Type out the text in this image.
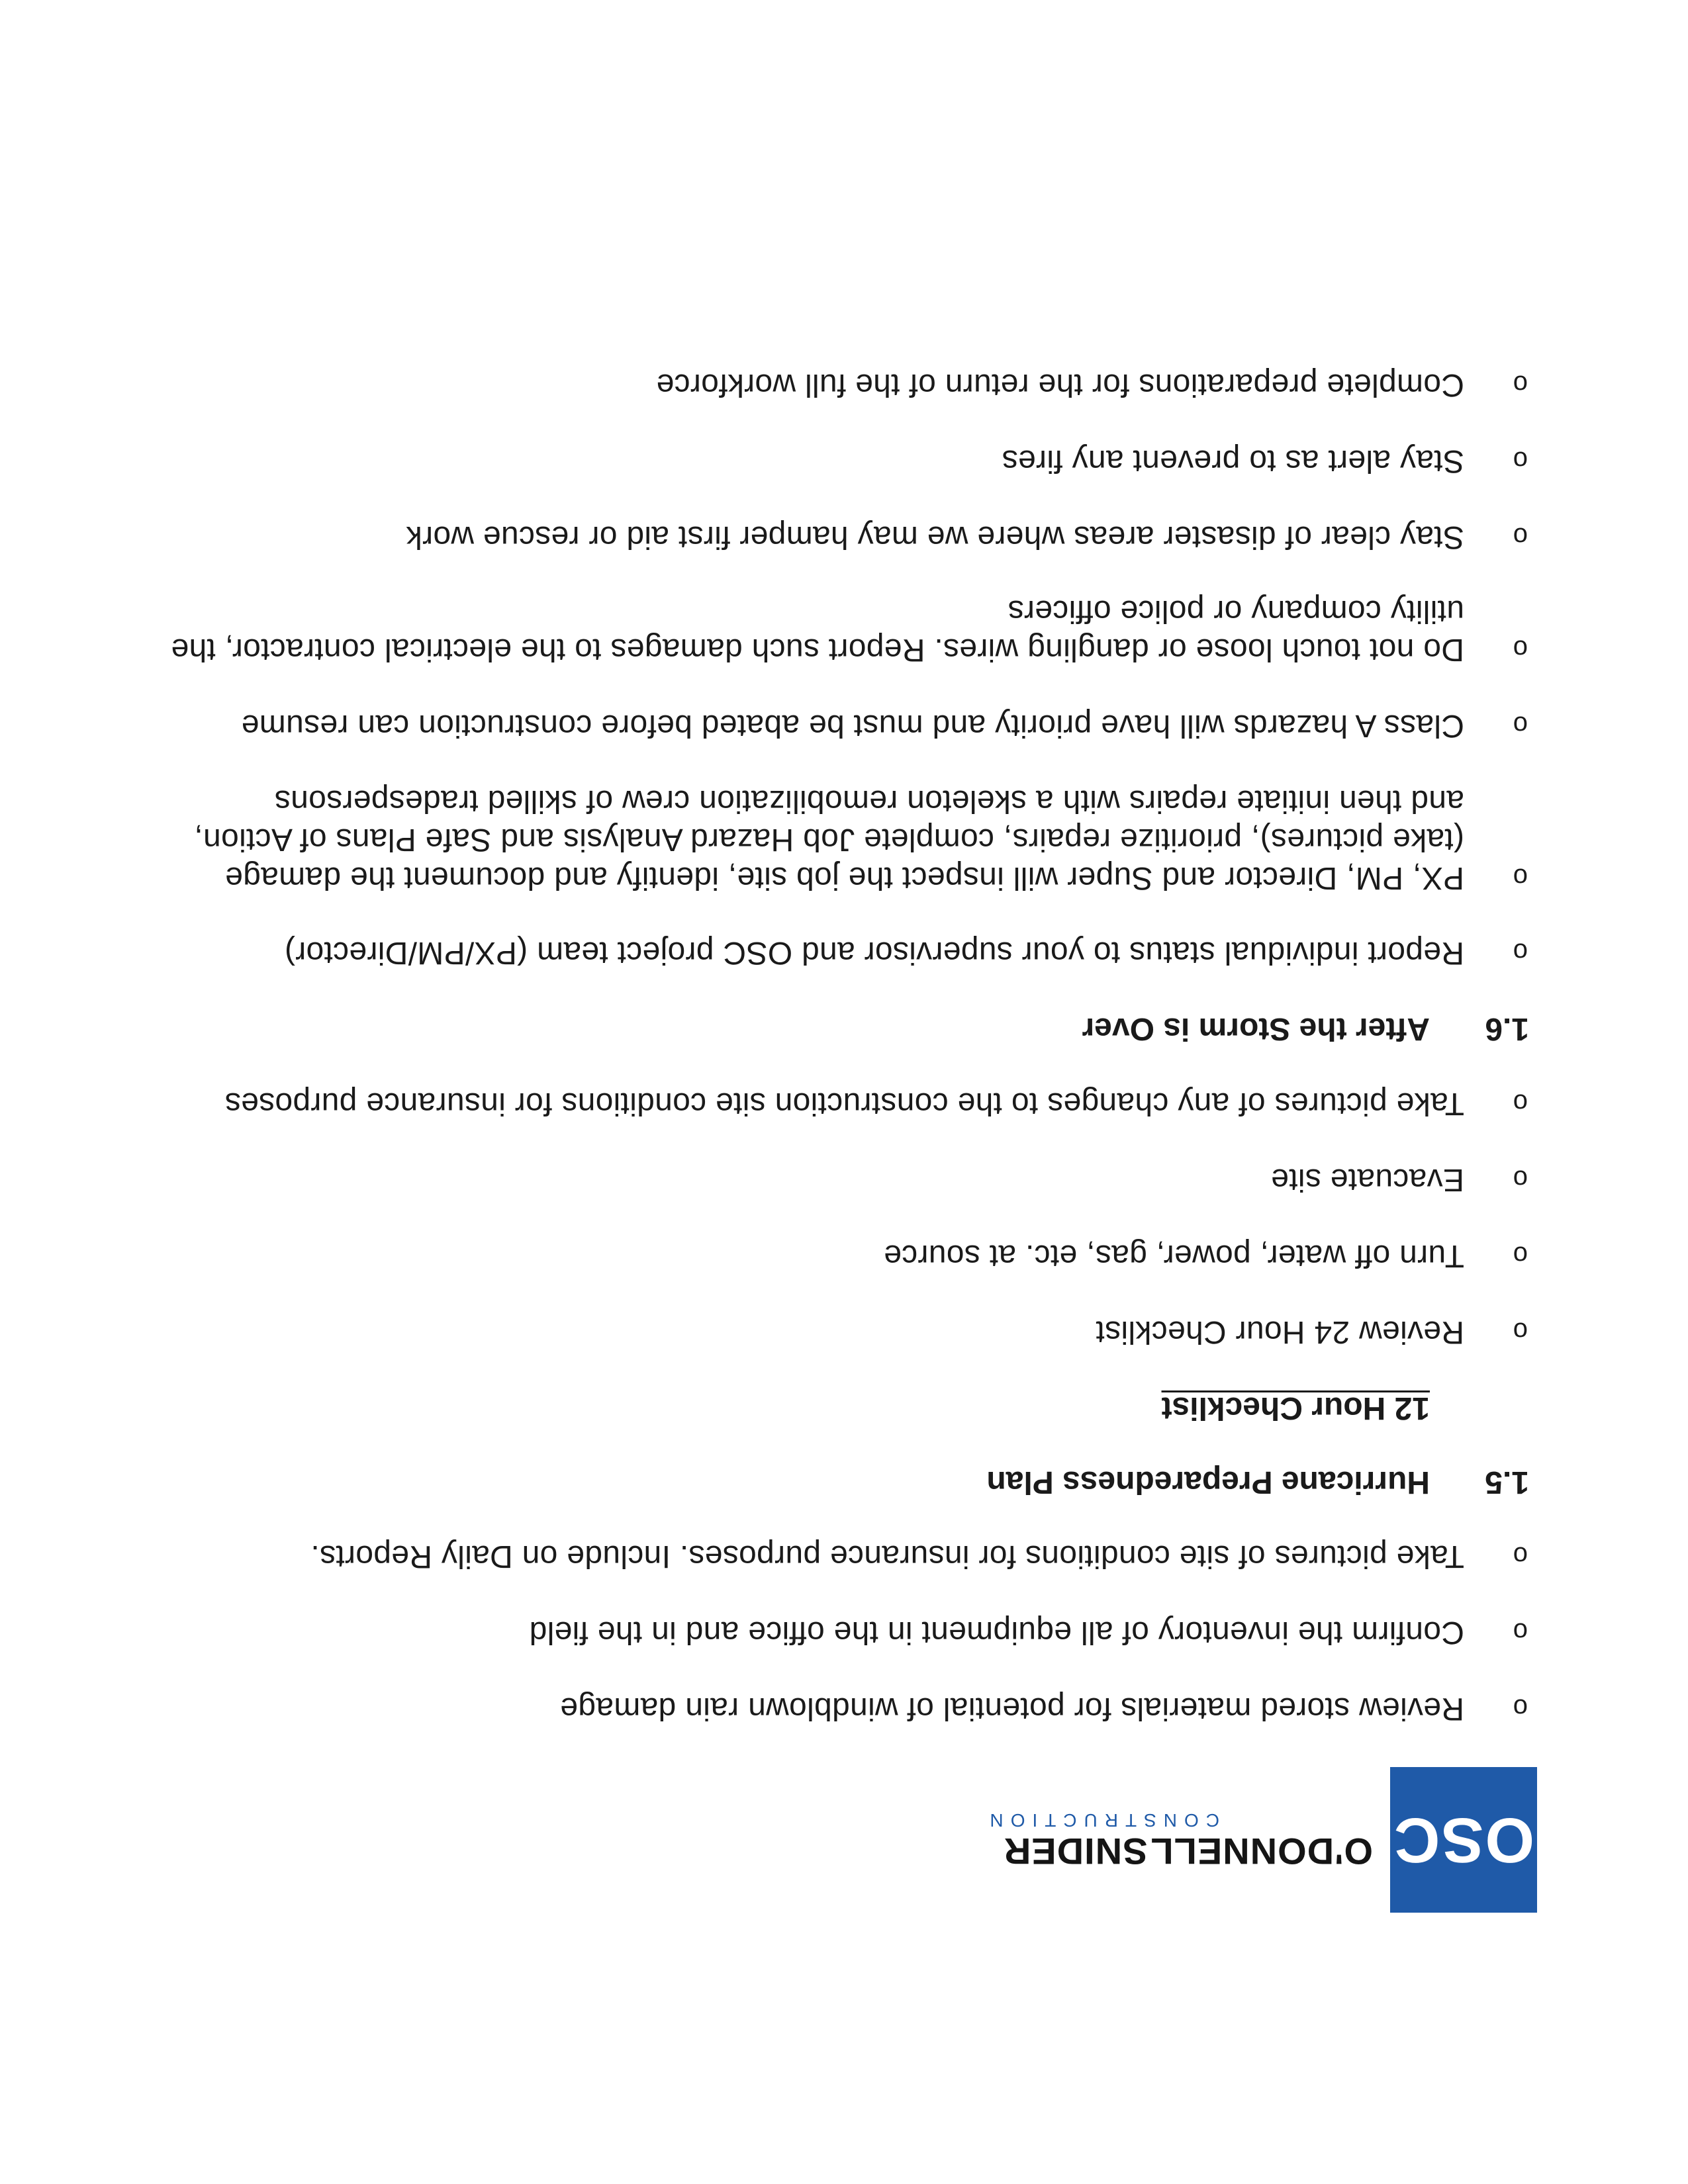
OSC
O'DONNELLSNIDER
CONSTRUCTION
o
Review stored materials for potential of windblown rain damage
o
Confirm the inventory of all equipment in the office and in the field
o
Take pictures of site conditions for insurance purposes. Include on Daily Reports.
1.5
Hurricane Preparedness Plan
12 Hour Checklist
o
Review 24 Hour Checklist
o
Turn off water, power, gas, etc. at source
o
Evacuate site
o
Take pictures of any changes to the construction site conditions for insurance purposes
1.6
After the Storm is Over
o
Report individual status to your supervisor and OSC project team (PX/PM/Director)
o
PX, PM, Director and Super will inspect the job site, identify and document the damage (take pictures), prioritize repairs, complete Job Hazard Analysis and Safe Plans of Action, and then initiate repairs with a skeleton remobilization crew of skilled tradespersons
o
Class A hazards will have priority and must be abated before construction can resume
o
Do not touch loose or dangling wires. Report such damages to the electrical contractor, the utility company or police officers
o
Stay clear of disaster areas where we may hamper first aid or rescue work
o
Stay alert as to prevent any fires
o
Complete preparations for the return of the full workforce
